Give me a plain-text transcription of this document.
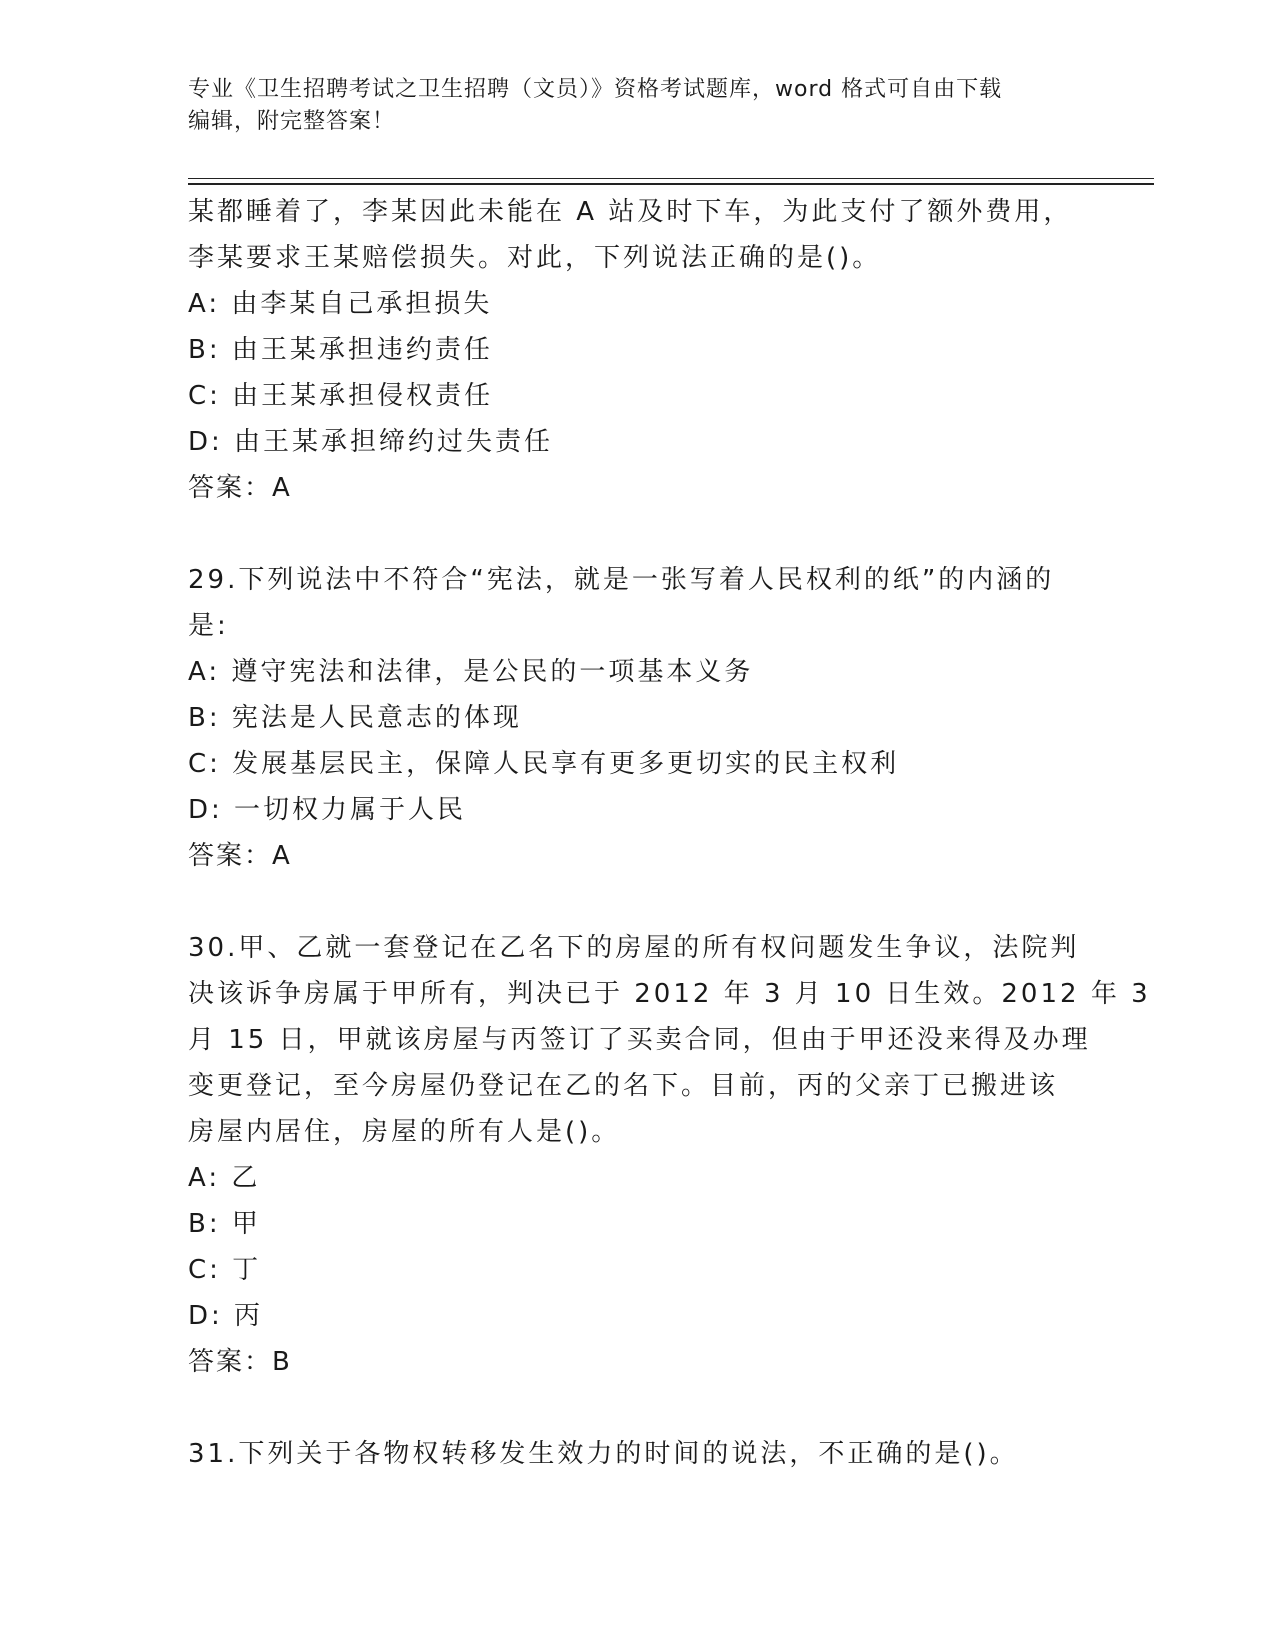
专业《卫生招聘考试之卫生招聘（文员）》资格考试题库，word 格式可自由下载
编辑，附完整答案！
某都睡着了，李某因此未能在 A 站及时下车，为此支付了额外费用，
李某要求王某赔偿损失。对此，下列说法正确的是()。
A: 由李某自己承担损失
B: 由王某承担违约责任
C: 由王某承担侵权责任
D: 由王某承担缔约过失责任
答案：A
29.下列说法中不符合“宪法，就是一张写着人民权利的纸”的内涵的
是:
A: 遵守宪法和法律，是公民的一项基本义务
B: 宪法是人民意志的体现
C: 发展基层民主，保障人民享有更多更切实的民主权利
D: 一切权力属于人民
答案：A
30.甲、乙就一套登记在乙名下的房屋的所有权问题发生争议，法院判
决该诉争房属于甲所有，判决已于 2012 年 3 月 10 日生效。2012 年 3
月 15 日，甲就该房屋与丙签订了买卖合同，但由于甲还没来得及办理
变更登记，至今房屋仍登记在乙的名下。目前，丙的父亲丁已搬进该
房屋内居住，房屋的所有人是()。
A: 乙
B: 甲
C: 丁
D: 丙
答案：B
31.下列关于各物权转移发生效力的时间的说法，不正确的是()。
